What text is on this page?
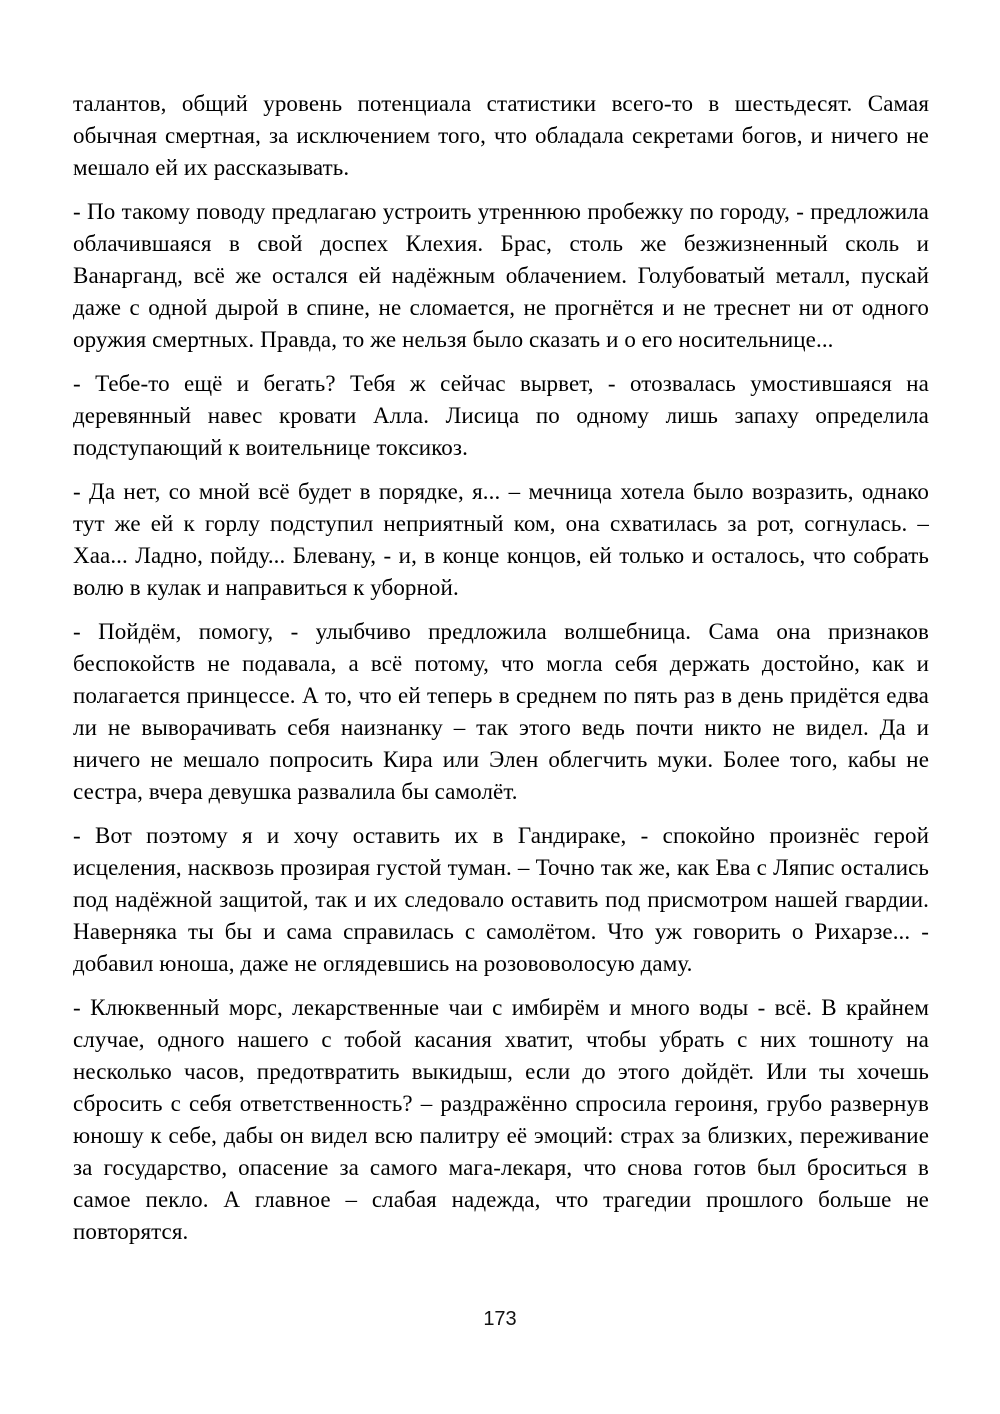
талантов, общий уровень потенциала статистики всего-то в шестьдесят. Самая обычная смертная, за исключением того, что обладала секретами богов, и ничего не мешало ей их рассказывать.

- По такому поводу предлагаю устроить утреннюю пробежку по городу, - предложила облачившаяся в свой доспех Клехия. Брас, столь же безжизненный сколь и Ванарганд, всё же остался ей надёжным облачением. Голубоватый металл, пускай даже с одной дырой в спине, не сломается, не прогнётся и не треснет ни от одного оружия смертных. Правда, то же нельзя было сказать и о его носительнице...

- Тебе-то ещё и бегать? Тебя ж сейчас вырвет, - отозвалась умостившаяся на деревянный навес кровати Алла. Лисица по одному лишь запаху определила подступающий к воительнице токсикоз.

- Да нет, со мной всё будет в порядке, я... – мечница хотела было возразить, однако тут же ей к горлу подступил неприятный ком, она схватилась за рот, согнулась. – Хаа... Ладно, пойду... Блевану, - и, в конце концов, ей только и осталось, что собрать волю в кулак и направиться к уборной.

- Пойдём, помогу, - улыбчиво предложила волшебница. Сама она признаков беспокойств не подавала, а всё потому, что могла себя держать достойно, как и полагается принцессе. А то, что ей теперь в среднем по пять раз в день придётся едва ли не выворачивать себя наизнанку – так этого ведь почти никто не видел. Да и ничего не мешало попросить Кира или Элен облегчить муки. Более того, кабы не сестра, вчера девушка развалила бы самолёт.

- Вот поэтому я и хочу оставить их в Гандираке, - спокойно произнёс герой исцеления, насквозь прозирая густой туман. – Точно так же, как Ева с Ляпис остались под надёжной защитой, так и их следовало оставить под присмотром нашей гвардии. Наверняка ты бы и сама справилась с самолётом. Что уж говорить о Рихарзе... - добавил юноша, даже не оглядевшись на розововолосую даму.

- Клюквенный морс, лекарственные чаи с имбирём и много воды - всё. В крайнем случае, одного нашего с тобой касания хватит, чтобы убрать с них тошноту на несколько часов, предотвратить выкидыш, если до этого дойдёт. Или ты хочешь сбросить с себя ответственность? – раздражённо спросила героиня, грубо развернув юношу к себе, дабы он видел всю палитру её эмоций: страх за близких, переживание за государство, опасение за самого мага-лекаря, что снова готов был броситься в самое пекло. А главное – слабая надежда, что трагедии прошлого больше не повторятся.

173
